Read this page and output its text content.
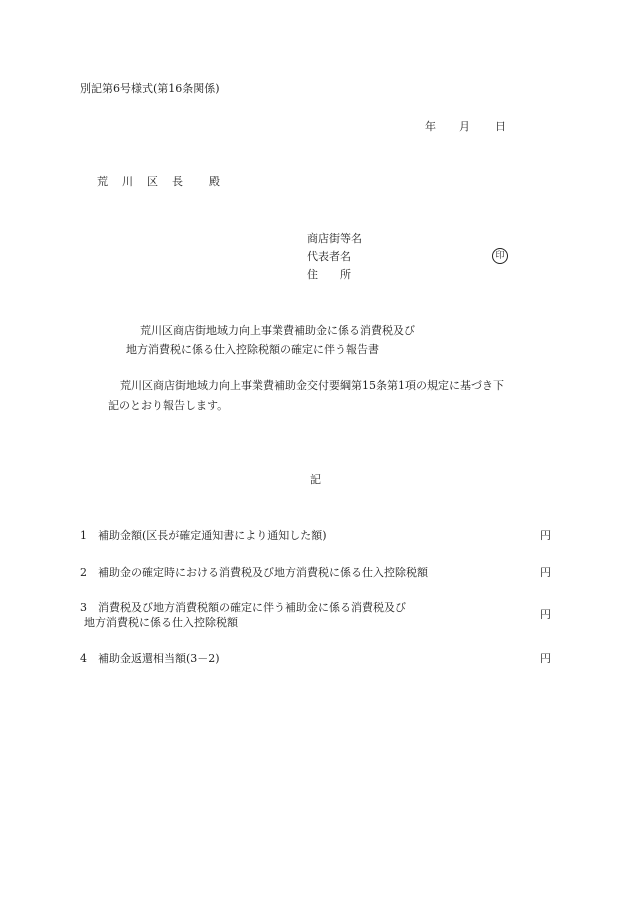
別記第6号様式(第16条関係)
年 月 日
荒 川 区 長 殿
商店街等名
代表者名	印
住　　所
荒川区商店街地域力向上事業費補助金に係る消費税及び
地方消費税に係る仕入控除税額の確定に伴う報告書
荒川区商店街地域力向上事業費補助金交付要綱第15条第1項の規定に基づき下
記のとおり報告します。
記
1　補助金額(区長が確定通知書により通知した額)	円
2　補助金の確定時における消費税及び地方消費税に係る仕入控除税額	円
3　消費税及び地方消費税額の確定に伴う補助金に係る消費税及び
地方消費税に係る仕入控除税額
円
4　補助金返還相当額(3－2)	円
